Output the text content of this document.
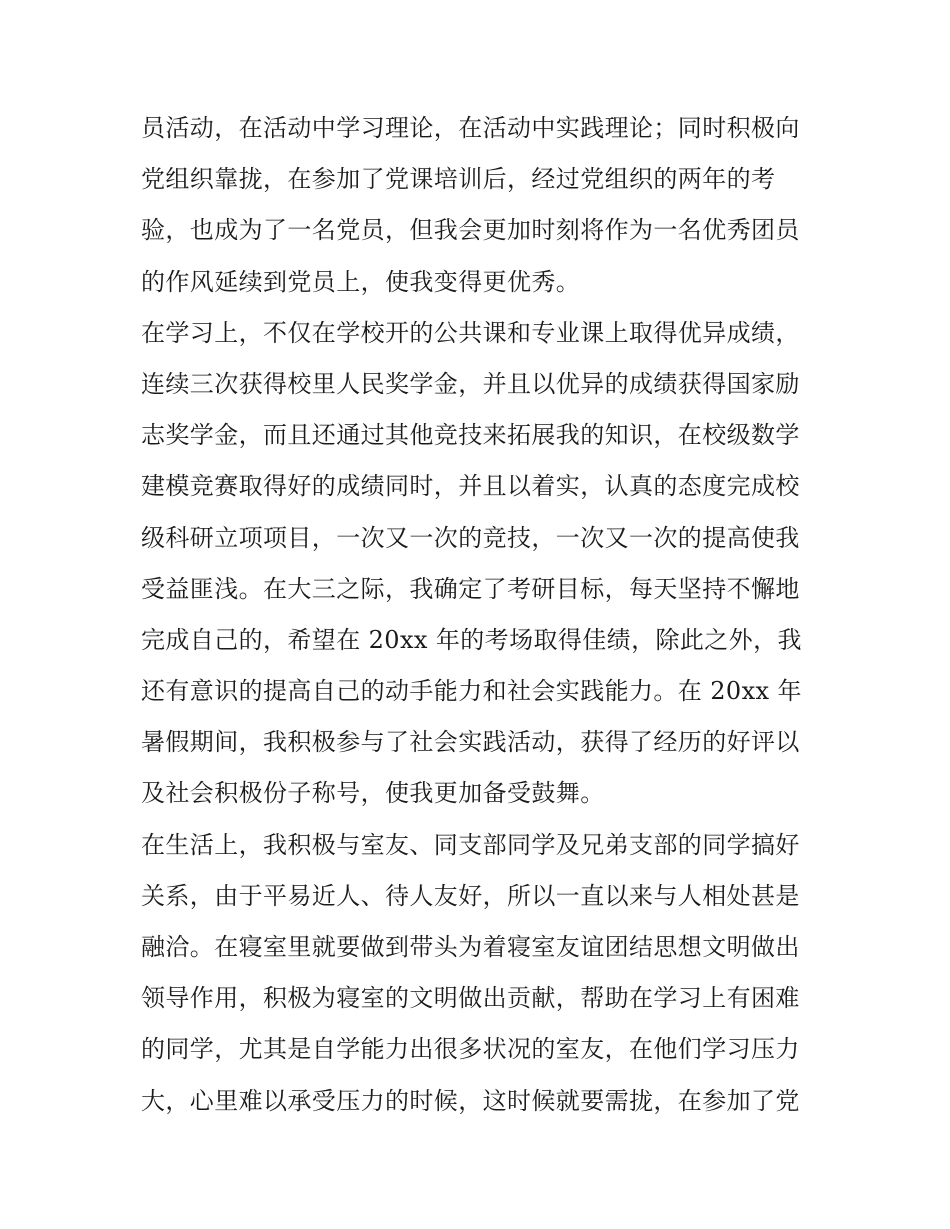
员活动，在活动中学习理论，在活动中实践理论；同时积极向
党组织靠拢，在参加了党课培训后，经过党组织的两年的考
验，也成为了一名党员，但我会更加时刻将作为一名优秀团员
的作风延续到党员上，使我变得更优秀。
在学习上，不仅在学校开的公共课和专业课上取得优异成绩，
连续三次获得校里人民奖学金，并且以优异的成绩获得国家励
志奖学金，而且还通过其他竞技来拓展我的知识，在校级数学
建模竞赛取得好的成绩同时，并且以着实，认真的态度完成校
级科研立项项目，一次又一次的竞技，一次又一次的提高使我
受益匪浅。在大三之际，我确定了考研目标，每天坚持不懈地
完成自己的，希望在 20xx 年的考场取得佳绩，除此之外，我
还有意识的提高自己的动手能力和社会实践能力。在 20xx 年
暑假期间，我积极参与了社会实践活动，获得了经历的好评以
及社会积极份子称号，使我更加备受鼓舞。
在生活上，我积极与室友、同支部同学及兄弟支部的同学搞好
关系，由于平易近人、待人友好，所以一直以来与人相处甚是
融洽。在寝室里就要做到带头为着寝室友谊团结思想文明做出
领导作用，积极为寝室的文明做出贡献，帮助在学习上有困难
的同学，尤其是自学能力出很多状况的室友，在他们学习压力
大，心里难以承受压力的时候，这时候就要需拢，在参加了党
